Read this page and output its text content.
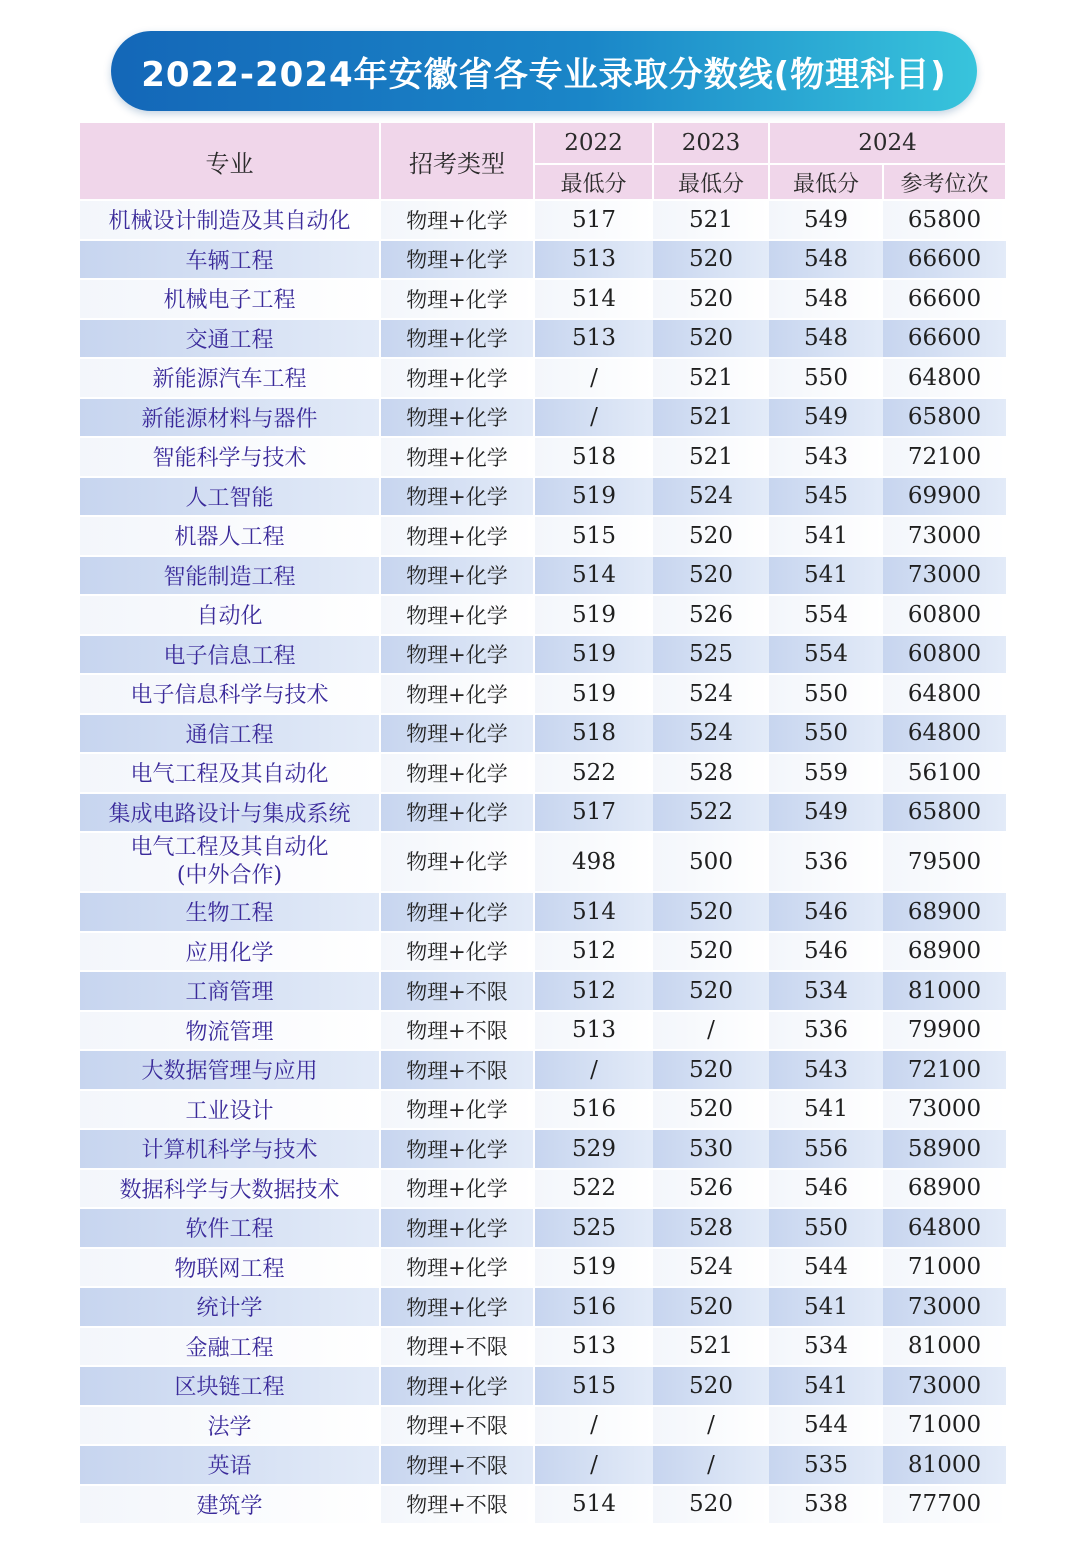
2022-2024年安徽省各专业录取分数线(物理科目)
专业	招考类型	2022	2023	2024	
		最低分	最低分	最低分	参考位次
机械设计制造及其自动化	物理+化学	517	521	549	65800
车辆工程	物理+化学	513	520	548	66600
机械电子工程	物理+化学	514	520	548	66600
交通工程	物理+化学	513	520	548	66600
新能源汽车工程	物理+化学	/	521	550	64800
新能源材料与器件	物理+化学	/	521	549	65800
智能科学与技术	物理+化学	518	521	543	72100
人工智能	物理+化学	519	524	545	69900
机器人工程	物理+化学	515	520	541	73000
智能制造工程	物理+化学	514	520	541	73000
自动化	物理+化学	519	526	554	60800
电子信息工程	物理+化学	519	525	554	60800
电子信息科学与技术	物理+化学	519	524	550	64800
通信工程	物理+化学	518	524	550	64800
电气工程及其自动化	物理+化学	522	528	559	56100
集成电路设计与集成系统	物理+化学	517	522	549	65800
电气工程及其自动化
(中外合作)	物理+化学	498	500	536	79500
生物工程	物理+化学	514	520	546	68900
应用化学	物理+化学	512	520	546	68900
工商管理	物理+不限	512	520	534	81000
物流管理	物理+不限	513	/	536	79900
大数据管理与应用	物理+不限	/	520	543	72100
工业设计	物理+化学	516	520	541	73000
计算机科学与技术	物理+化学	529	530	556	58900
数据科学与大数据技术	物理+化学	522	526	546	68900
软件工程	物理+化学	525	528	550	64800
物联网工程	物理+化学	519	524	544	71000
统计学	物理+化学	516	520	541	73000
金融工程	物理+不限	513	521	534	81000
区块链工程	物理+化学	515	520	541	73000
法学	物理+不限	/	/	544	71000
英语	物理+不限	/	/	535	81000
建筑学	物理+不限	514	520	538	77700
